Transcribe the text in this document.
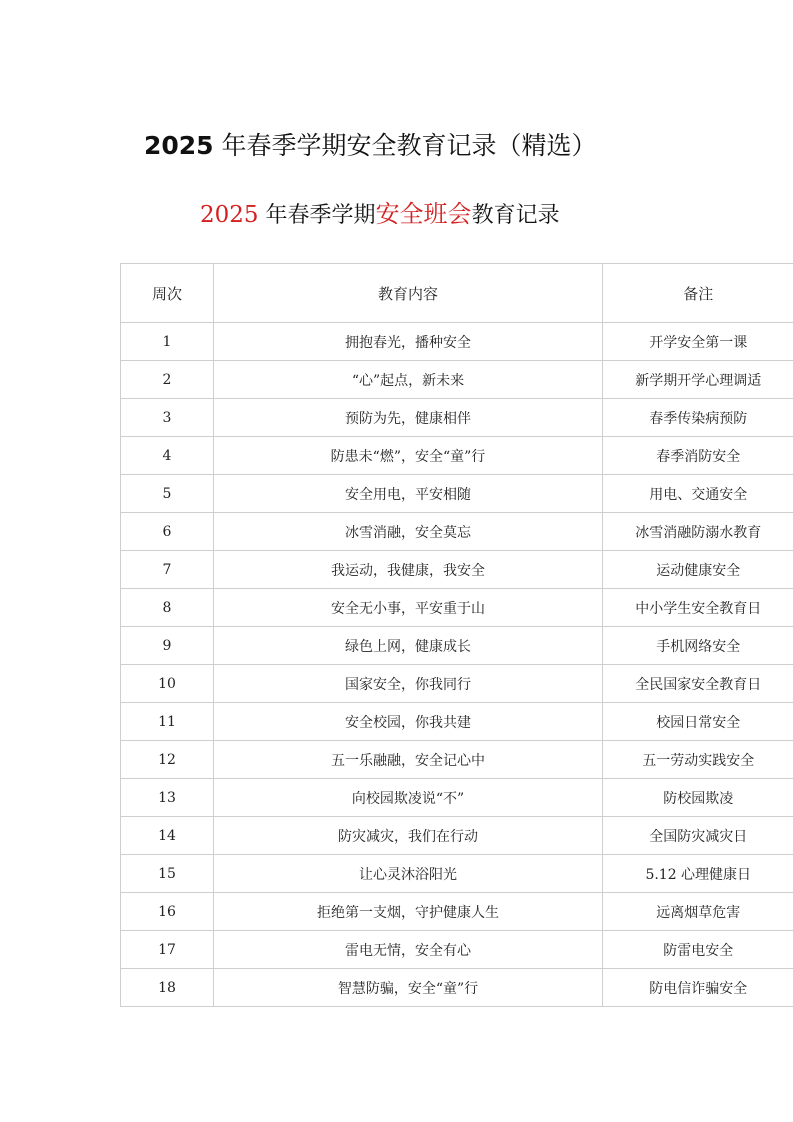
2025 年春季学期安全教育记录（精选）
2025 年春季学期安全班会教育记录
周次	教育内容	备注
1	拥抱春光，播种安全	开学安全第一课
2	“心”起点，新未来	新学期开学心理调适
3	预防为先，健康相伴	春季传染病预防
4	防患未“燃”，安全“童”行	春季消防安全
5	安全用电，平安相随	用电、交通安全
6	冰雪消融，安全莫忘	冰雪消融防溺水教育
7	我运动，我健康，我安全	运动健康安全
8	安全无小事，平安重于山	中小学生安全教育日
9	绿色上网，健康成长	手机网络安全
10	国家安全，你我同行	全民国家安全教育日
11	安全校园，你我共建	校园日常安全
12	五一乐融融，安全记心中	五一劳动实践安全
13	向校园欺凌说“不”	防校园欺凌
14	防灾减灾，我们在行动	全国防灾减灾日
15	让心灵沐浴阳光	5.12 心理健康日
16	拒绝第一支烟，守护健康人生	远离烟草危害
17	雷电无情，安全有心	防雷电安全
18	智慧防骗，安全“童”行	防电信诈骗安全
